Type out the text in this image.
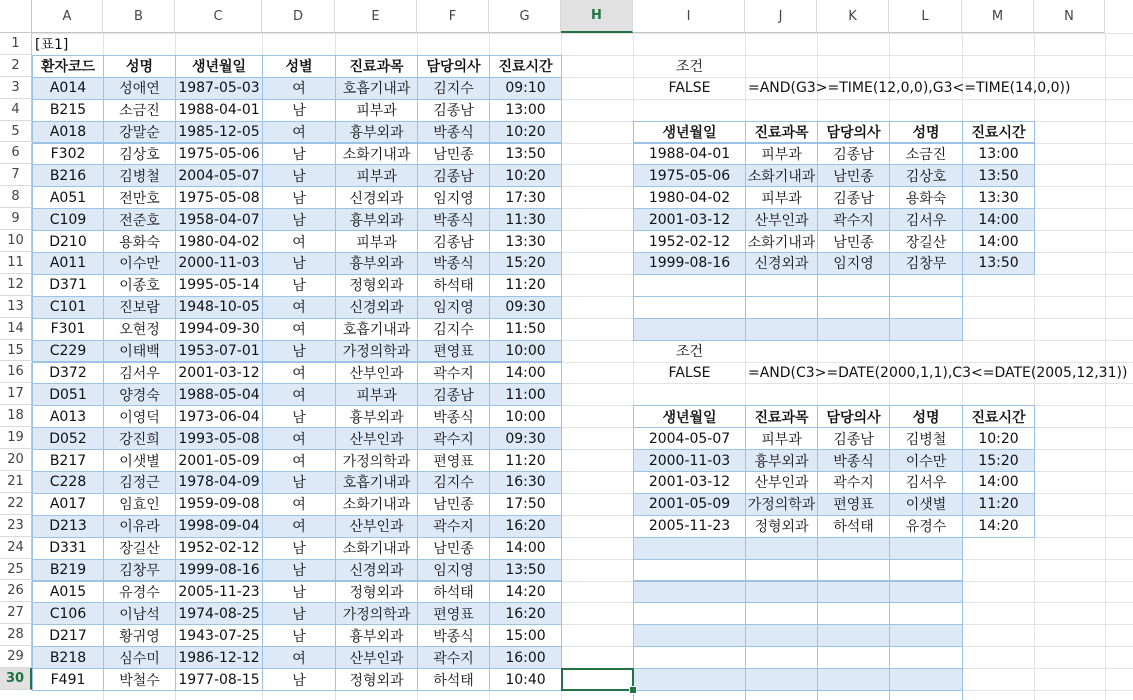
A	B	C	D	E	F	G	H	I	J	K	L	M	N
1
2
3
4
5
6
7
8
9
10
11
12
13
14
15
16
17
18
19
20
21
22
23
24
25
26
27
28
29
30
[표1]
환자코드	성명	생년월일	성별	진료과목	담당의사	진료시간
A014	성애연	1987-05-03	여	호흡기내과	김지수	09:10
B215	소금진	1988-04-01	남	피부과	김종남	13:00
A018	강말순	1985-12-05	여	흉부외과	박종식	10:20
F302	김상호	1975-05-06	남	소화기내과	남민종	13:50
B216	김병철	2004-05-07	남	피부과	김종남	10:20
A051	전만호	1975-05-08	남	신경외과	임지영	17:30
C109	전준호	1958-04-07	남	흉부외과	박종식	11:30
D210	용화숙	1980-04-02	여	피부과	김종남	13:30
A011	이수만	2000-11-03	남	흉부외과	박종식	15:20
D371	이종호	1995-05-14	남	정형외과	하석태	11:20
C101	진보람	1948-10-05	여	신경외과	임지영	09:30
F301	오현정	1994-09-30	여	호흡기내과	김지수	11:50
C229	이태백	1953-07-01	남	가정의학과	편영표	10:00
D372	김서우	2001-03-12	여	산부인과	곽수지	14:00
D051	양경숙	1988-05-04	여	피부과	김종남	11:00
A013	이영덕	1973-06-04	남	흉부외과	박종식	10:00
D052	강진희	1993-05-08	여	산부인과	곽수지	09:30
B217	이샛별	2001-05-09	여	가정의학과	편영표	11:20
C228	김정근	1978-04-09	남	호흡기내과	김지수	16:30
A017	임효인	1959-09-08	여	소화기내과	남민종	17:50
D213	이유라	1998-09-04	여	산부인과	곽수지	16:20
D331	장길산	1952-02-12	남	소화기내과	남민종	14:00
B219	김창무	1999-08-16	남	신경외과	임지영	13:50
A015	유경수	2005-11-23	남	정형외과	하석태	14:20
C106	이남석	1974-08-25	남	가정의학과	편영표	16:20
D217	황귀영	1943-07-25	남	흉부외과	박종식	15:00
B218	심수미	1986-12-12	여	산부인과	곽수지	16:00
F491	박철수	1977-08-15	남	정형외과	하석태	10:40
조건
FALSE	=AND(G3>=TIME(12,0,0),G3<=TIME(14,0,0))
생년월일	진료과목	담당의사	성명	진료시간
1988-04-01	피부과	김종남	소금진	13:00
1975-05-06	소화기내과	남민종	김상호	13:50
1980-04-02	피부과	김종남	용화숙	13:30
2001-03-12	산부인과	곽수지	김서우	14:00
1952-02-12	소화기내과	남민종	장길산	14:00
1999-08-16	신경외과	임지영	김창무	13:50
조건
FALSE	=AND(C3>=DATE(2000,1,1),C3<=DATE(2005,12,31))
생년월일	진료과목	담당의사	성명	진료시간
2004-05-07	피부과	김종남	김병철	10:20
2000-11-03	흉부외과	박종식	이수만	15:20
2001-03-12	산부인과	곽수지	김서우	14:00
2001-05-09	가정의학과	편영표	이샛별	11:20
2005-11-23	정형외과	하석태	유경수	14:20
